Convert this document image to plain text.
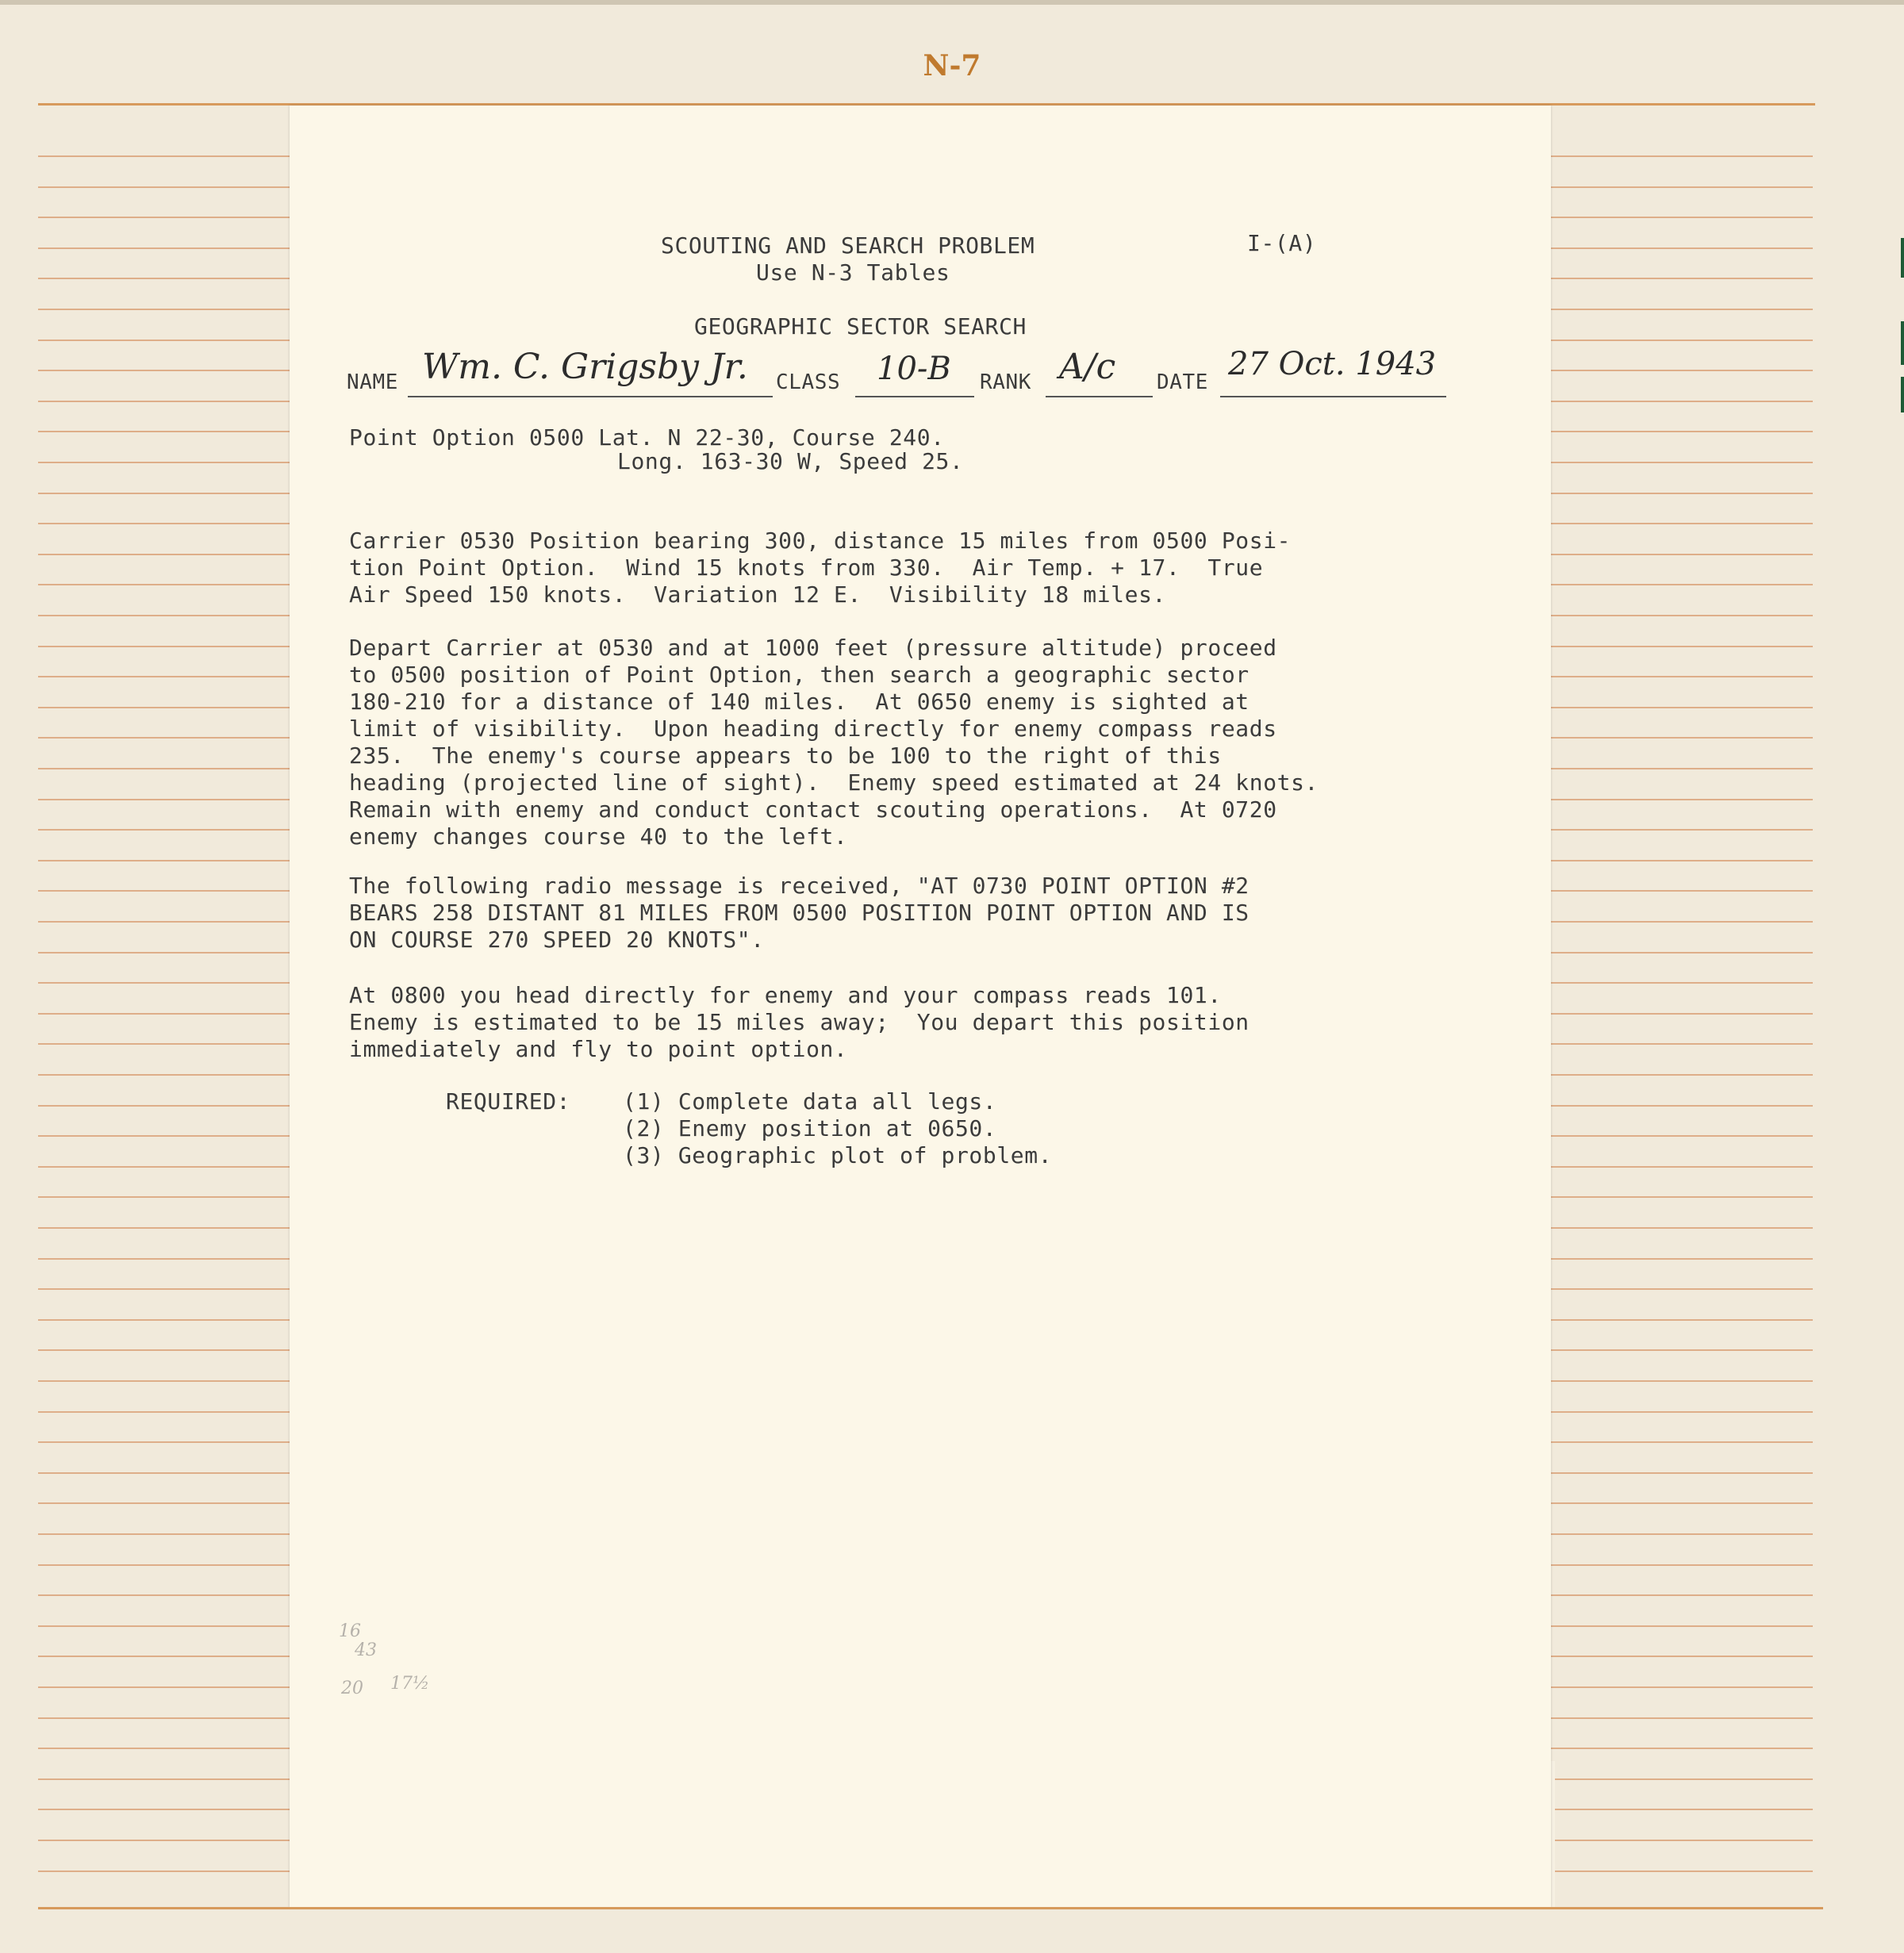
N-7
SCOUTING AND SEARCH PROBLEM	I-(A)
Use N-3 Tables
GEOGRAPHIC SECTOR SEARCH
NAME Wm. C. Grigsby Jr. CLASS 10-B RANK A/c DATE 27 Oct. 1943
Point Option 0500 Lat. N 22-30, Course 240.
Long. 163-30 W, Speed 25.
Carrier 0530 Position bearing 300, distance 15 miles from 0500 Posi-
tion Point Option.  Wind 15 knots from 330.  Air Temp. + 17.  True
Air Speed 150 knots.  Variation 12 E.  Visibility 18 miles.
Depart Carrier at 0530 and at 1000 feet (pressure altitude) proceed
to 0500 position of Point Option, then search a geographic sector
180-210 for a distance of 140 miles.  At 0650 enemy is sighted at
limit of visibility.  Upon heading directly for enemy compass reads
235.  The enemy's course appears to be 100 to the right of this
heading (projected line of sight).  Enemy speed estimated at 24 knots.
Remain with enemy and conduct contact scouting operations.  At 0720
enemy changes course 40 to the left.
The following radio message is received, "AT 0730 POINT OPTION #2
BEARS 258 DISTANT 81 MILES FROM 0500 POSITION POINT OPTION AND IS
ON COURSE 270 SPEED 20 KNOTS".
At 0800 you head directly for enemy and your compass reads 101.
Enemy is estimated to be 15 miles away;  You depart this position
immediately and fly to point option.
REQUIRED: (1) Complete data all legs.
(2) Enemy position at 0650.
(3) Geographic plot of problem.
16
43
20 17½
